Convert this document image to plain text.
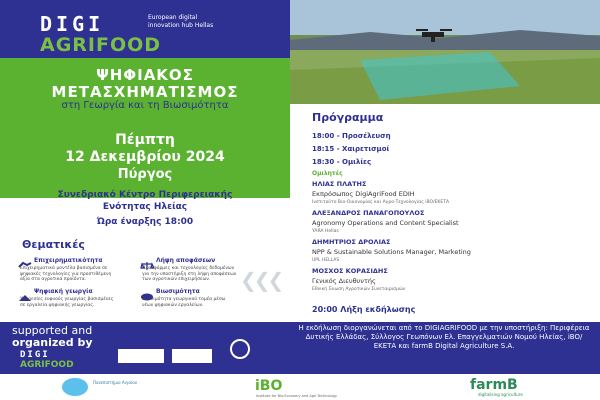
DIGI
AGRIFOOD
European digital innovation hub Hellas
ΨΗΦΙΑΚΟΣ
ΜΕΤΑΣΧΗΜΑΤΙΣΜΟΣ
στη Γεωργία και τη Βιωσιμότητα
Πέμπτη
12 Δεκεμβρίου 2024
Πύργος
Συνεδριακό Κέντρο Περιφερειακής
Ενότητας Ηλείας
Ώρα έναρξης 18:00
Θεματικές
Επιχειρηματικότητα
Επιχειρηματικά μοντέλα βασισμένα σε ψηφιακές τεχνολογίες για προστιθέμενη αξία στα αγροτικά προϊόντα.
Λήψη αποφάσεων
Πλατφόρμες και τεχνολογίες δεδομένων για την υποστήριξη στη λήψη αποφάσεων των αγροτικών επιχειρήσεων.
Ψηφιακή γεωργία
Υπηρεσίες ευφυούς γεωργίας βασισμένες σε εργαλεία ψηφιακής γεωργίας.
Βιωσιμότητα
Βιωσιμότητα γεωργικού τομέα μέσω νέων ψηφιακών εργαλείων.
❮❮❮
Πρόγραμμα
18:00 - Προσέλευση
18:15 - Χαιρετισμοί
18:30 - Ομιλίες
Ομιλητές
ΗΛΙΑΣ ΠΛΑΤΗΣ
Εκπρόσωπος DigiAgriFood EDIH
Ινστιτούτο Βιο-Οικονομίας και Αγρο-Τεχνολογίας iBO/ΕΚΕΤΑ
ΑΛΕΞΑΝΔΡΟΣ ΠΑΝΑΓΟΠΟΥΛΟΣ
Agronomy Operations and Content Specialist
YARA Hellas
ΔΗΜΗΤΡΙΟΣ ΔΡΟΛΙΑΣ
NPP & Sustainable Solutions Manager, Marketing
UPL HELLAS
ΜΟΣΧΟΣ ΚΟΡΑΣΙΔΗΣ
Γενικός Διευθυντής
Εθνική Ένωση Αγροτικών Συνεταιρισμών
20:00 Λήξη εκδήλωσης
supported and
organized by
DIGI
AGRIFOOD
Η εκδήλωση διοργανώνεται από το DIGIAGRIFOOD με την υποστήριξη: Περιφέρεια Δυτικής Ελλάδας, Σύλλογος Γεωπόνων Ελ. Επαγγελματιών Νομού Ηλείας, iBO/ΕΚΕΤΑ και farmB Digital Agriculture S.A.
Πανεπιστήμιο Αιγαίου	iBO
Institute for Bio-Economy and Agri-Technology
farmB
digitalising agriculture
